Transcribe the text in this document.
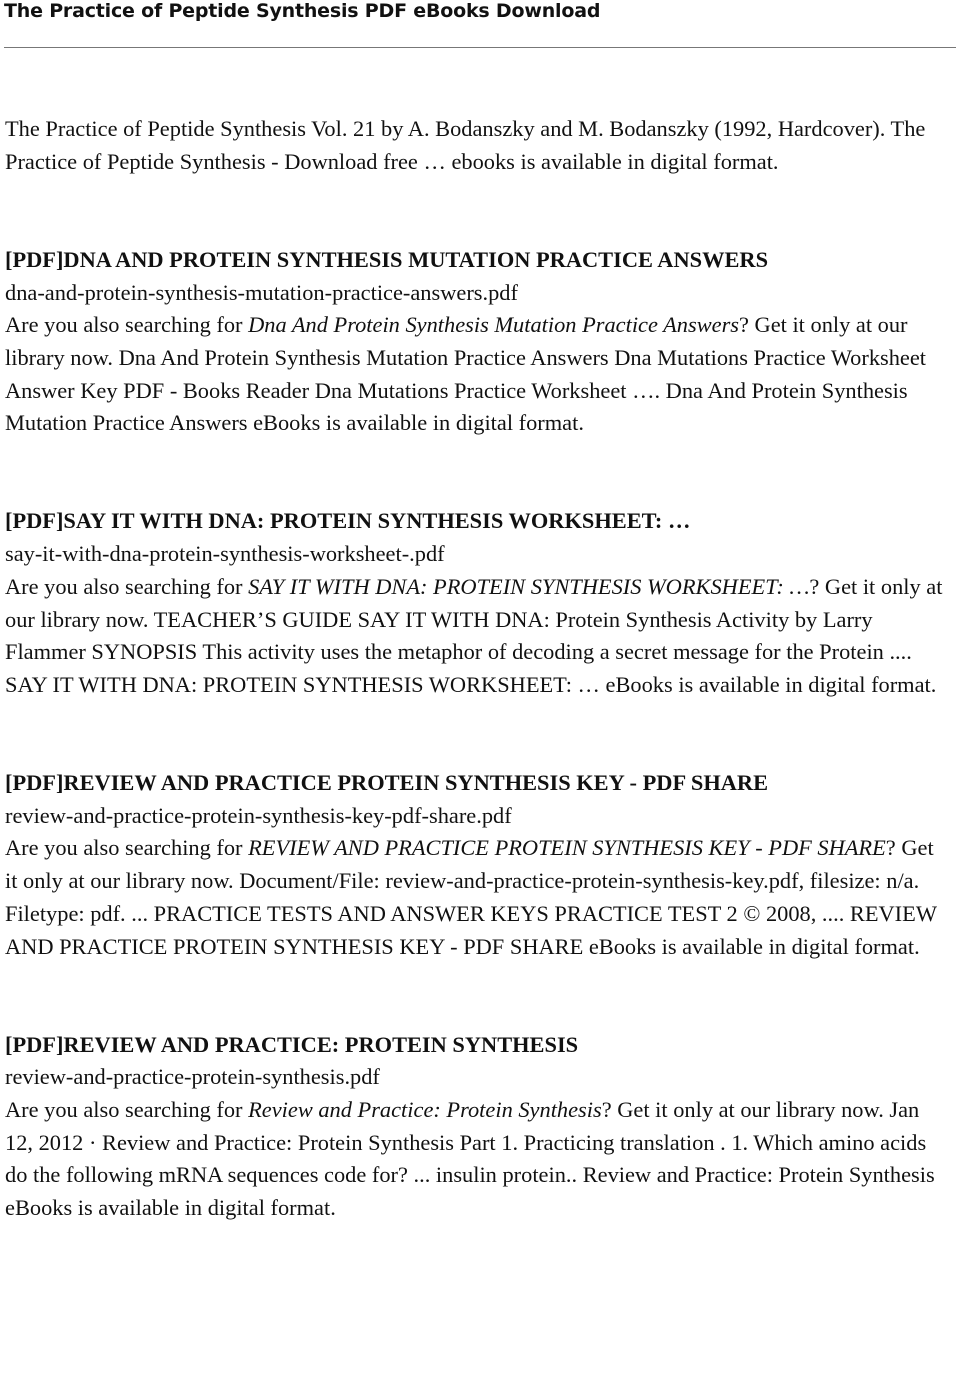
The Practice of Peptide Synthesis PDF eBooks Download

The Practice of Peptide Synthesis Vol. 21 by A. Bodanszky and M. Bodanszky (1992, Hardcover). The Practice of Peptide Synthesis - Download free … ebooks is available in digital format.

[PDF]DNA AND PROTEIN SYNTHESIS MUTATION PRACTICE ANSWERS

dna-and-protein-synthesis-mutation-practice-answers.pdf

Are you also searching for Dna And Protein Synthesis Mutation Practice Answers? Get it only at our library now. Dna And Protein Synthesis Mutation Practice Answers Dna Mutations Practice Worksheet Answer Key PDF - Books Reader Dna Mutations Practice Worksheet …. Dna And Protein Synthesis Mutation Practice Answers eBooks is available in digital format.

[PDF]SAY IT WITH DNA: PROTEIN SYNTHESIS WORKSHEET: …

say-it-with-dna-protein-synthesis-worksheet-.pdf

Are you also searching for SAY IT WITH DNA: PROTEIN SYNTHESIS WORKSHEET: …? Get it only at our library now. TEACHER’S GUIDE SAY IT WITH DNA: Protein Synthesis Activity by Larry Flammer SYNOPSIS This activity uses the metaphor of decoding a secret message for the Protein .... SAY IT WITH DNA: PROTEIN SYNTHESIS WORKSHEET: … eBooks is available in digital format.

[PDF]REVIEW AND PRACTICE PROTEIN SYNTHESIS KEY - PDF SHARE

review-and-practice-protein-synthesis-key-pdf-share.pdf

Are you also searching for REVIEW AND PRACTICE PROTEIN SYNTHESIS KEY - PDF SHARE? Get it only at our library now. Document/File: review-and-practice-protein-synthesis-key.pdf, filesize: n/a. Filetype: pdf. ... PRACTICE TESTS AND ANSWER KEYS PRACTICE TEST 2 © 2008, .... REVIEW AND PRACTICE PROTEIN SYNTHESIS KEY - PDF SHARE eBooks is available in digital format.

[PDF]REVIEW AND PRACTICE: PROTEIN SYNTHESIS

review-and-practice-protein-synthesis.pdf

Are you also searching for Review and Practice: Protein Synthesis? Get it only at our library now. Jan 12, 2012 · Review and Practice: Protein Synthesis Part 1. Practicing translation . 1. Which amino acids do the following mRNA sequences code for? ... insulin protein.. Review and Practice: Protein Synthesis eBooks is available in digital format.
